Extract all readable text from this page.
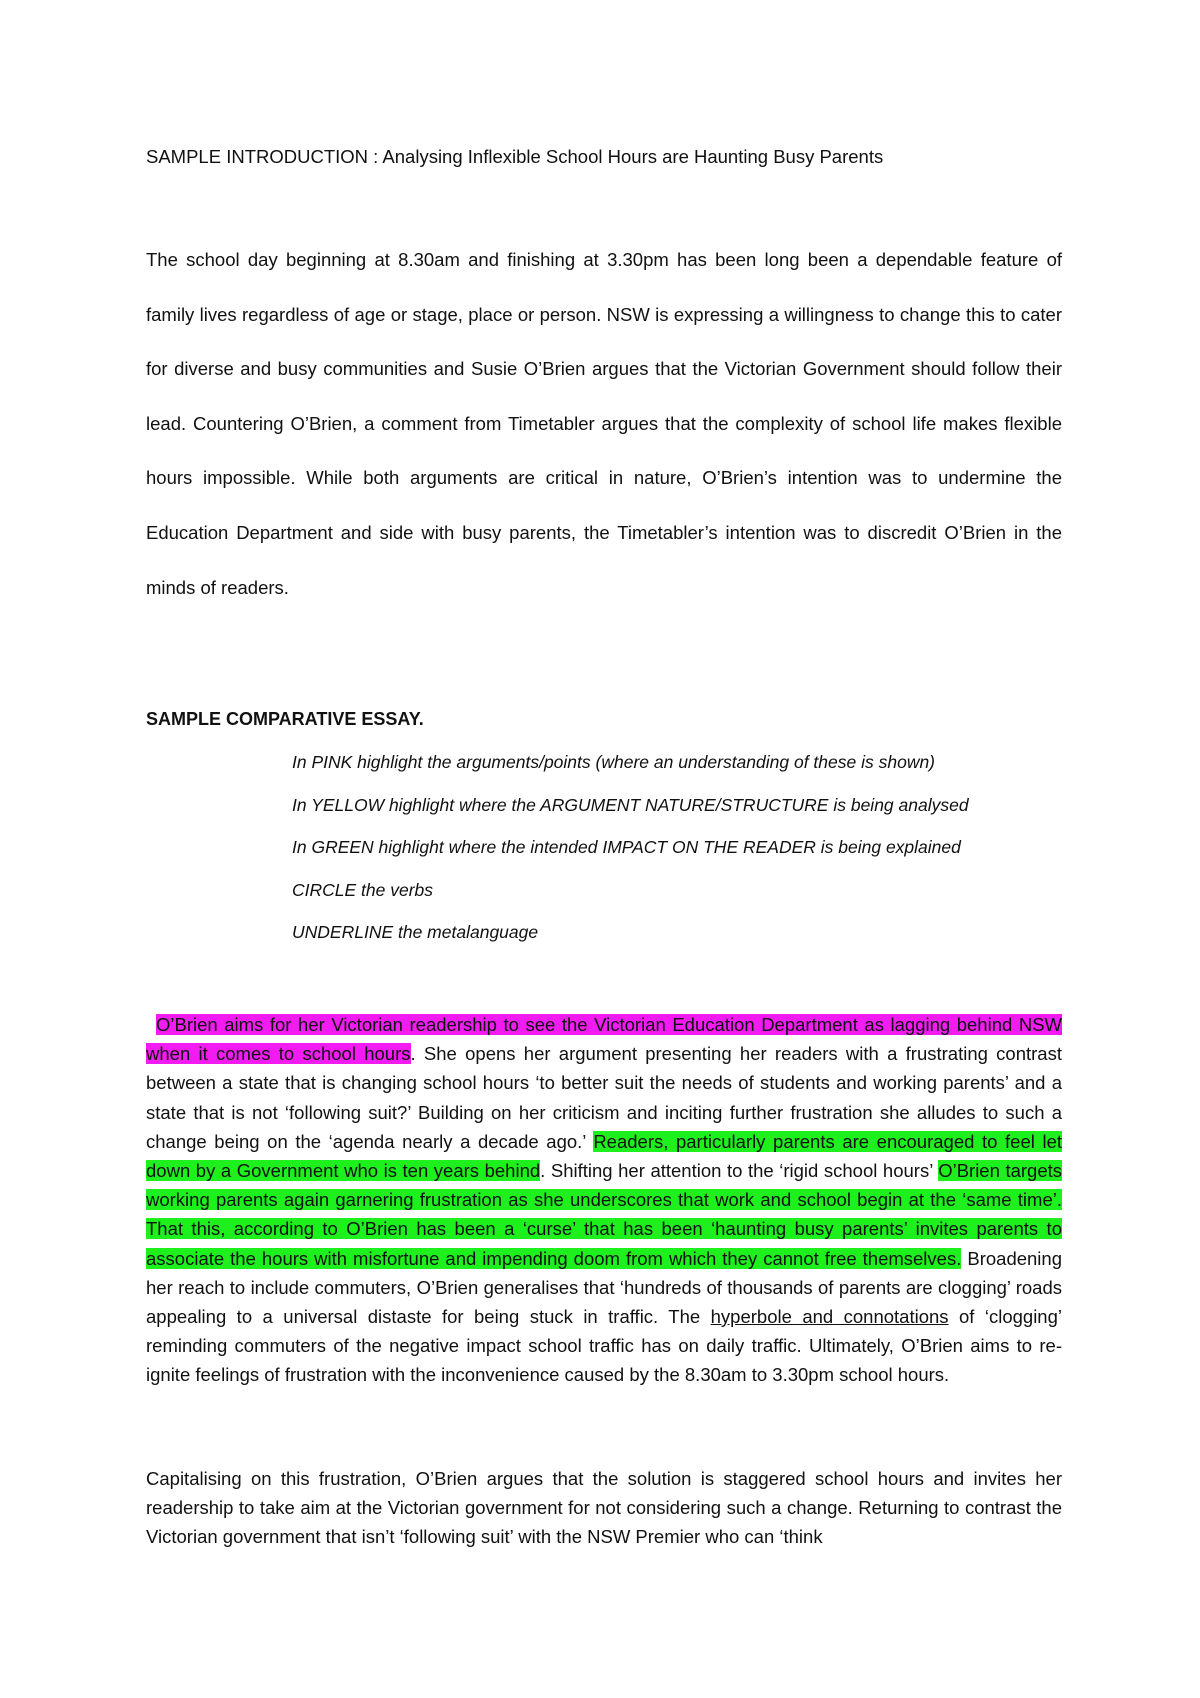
SAMPLE INTRODUCTION : Analysing Inflexible School Hours are Haunting Busy Parents

The school day beginning at 8.30am and finishing at 3.30pm has been long been a dependable feature of family lives regardless of age or stage, place or person. NSW is expressing a willingness to change this to cater for diverse and busy communities and Susie O’Brien argues that the Victorian Government should follow their lead. Countering O’Brien, a comment from Timetabler argues that the complexity of school life makes flexible hours impossible. While both arguments are critical in nature, O’Brien’s intention was to undermine the Education Department and side with busy parents, the Timetabler’s intention was to discredit O’Brien in the minds of readers.

SAMPLE COMPARATIVE ESSAY.
In PINK highlight the arguments/points (where an understanding of these is shown)
In YELLOW highlight where the ARGUMENT NATURE/STRUCTURE is being analysed
In GREEN highlight where the intended IMPACT ON THE READER is being explained
CIRCLE the verbs
UNDERLINE the metalanguage

O’Brien aims for her Victorian readership to see the Victorian Education Department as lagging behind NSW when it comes to school hours. She opens her argument presenting her readers with a frustrating contrast between a state that is changing school hours ‘to better suit the needs of students and working parents’ and a state that is not ‘following suit?’ Building on her criticism and inciting further frustration she alludes to such a change being on the ‘agenda nearly a decade ago.’ Readers, particularly parents are encouraged to feel let down by a Government who is ten years behind. Shifting her attention to the ‘rigid school hours’ O’Brien targets working parents again garnering frustration as she underscores that work and school begin at the ‘same time’. That this, according to O’Brien has been a ‘curse’ that has been ‘haunting busy parents’ invites parents to associate the hours with misfortune and impending doom from which they cannot free themselves. Broadening her reach to include commuters, O’Brien generalises that ‘hundreds of thousands of parents are clogging’ roads appealing to a universal distaste for being stuck in traffic. The hyperbole and connotations of ‘clogging’ reminding commuters of the negative impact school traffic has on daily traffic. Ultimately, O’Brien aims to re-ignite feelings of frustration with the inconvenience caused by the 8.30am to 3.30pm school hours.

Capitalising on this frustration, O’Brien argues that the solution is staggered school hours and invites her readership to take aim at the Victorian government for not considering such a change. Returning to contrast the Victorian government that isn’t ‘following suit’ with the NSW Premier who can ‘think
